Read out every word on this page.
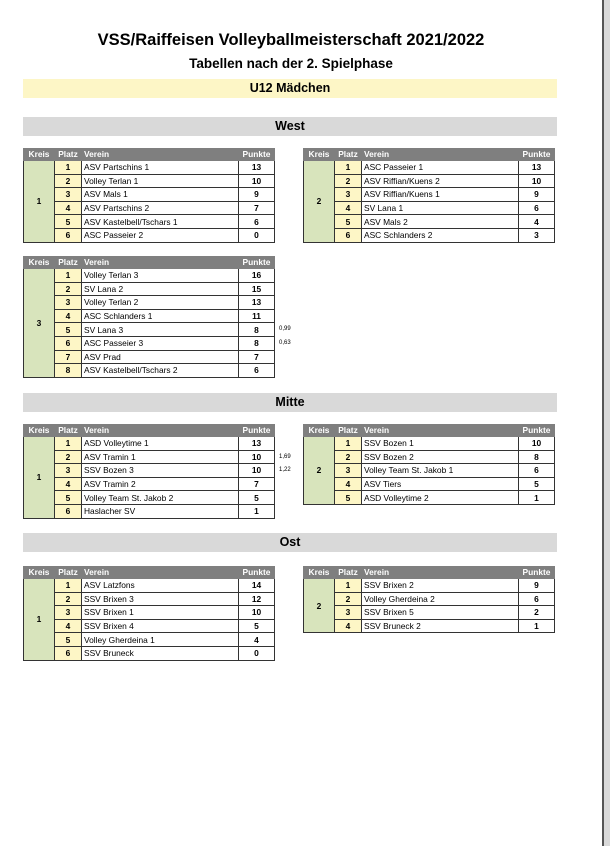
VSS/Raiffeisen Volleyballmeisterschaft 2021/2022
Tabellen nach der 2. Spielphase
U12 Mädchen
West
Mitte
Ost
Kreis	Platz	Verein	Punkte
1	1	ASV Partschins 1	13
	2	Volley Terlan 1	10
	3	ASV Mals 1	9
	4	ASV Partschins 2	7
	5	ASV Kastelbell/Tschars 1	6
	6	ASC Passeier 2	0
Kreis	Platz	Verein	Punkte
2	1	ASC Passeier 1	13
	2	ASV Riffian/Kuens 2	10
	3	ASV Riffian/Kuens 1	9
	4	SV Lana 1	6
	5	ASV Mals 2	4
	6	ASC Schlanders 2	3
Kreis	Platz	Verein	Punkte
3	1	Volley Terlan 3	16
	2	SV Lana 2	15
	3	Volley Terlan 2	13
	4	ASC Schlanders 1	11
	5	SV Lana 3	8
	6	ASC Passeier 3	8
	7	ASV Prad	7
	8	ASV Kastelbell/Tschars 2	6
0,99
0,63
Kreis	Platz	Verein	Punkte
1	1	ASD Volleytime 1	13
	2	ASV Tramin 1	10
	3	SSV Bozen 3	10
	4	ASV Tramin 2	7
	5	Volley Team St. Jakob 2	5
	6	Haslacher SV	1
1,69
1,22
Kreis	Platz	Verein	Punkte
2	1	SSV Bozen 1	10
	2	SSV Bozen 2	8
	3	Volley Team St. Jakob 1	6
	4	ASV Tiers	5
	5	ASD Volleytime 2	1
Kreis	Platz	Verein	Punkte
1	1	ASV Latzfons	14
	2	SSV Brixen 3	12
	3	SSV Brixen 1	10
	4	SSV Brixen 4	5
	5	Volley Gherdeina 1	4
	6	SSV Bruneck	0
Kreis	Platz	Verein	Punkte
2	1	SSV Brixen 2	9
	2	Volley Gherdeina 2	6
	3	SSV Brixen 5	2
	4	SSV Bruneck 2	1
